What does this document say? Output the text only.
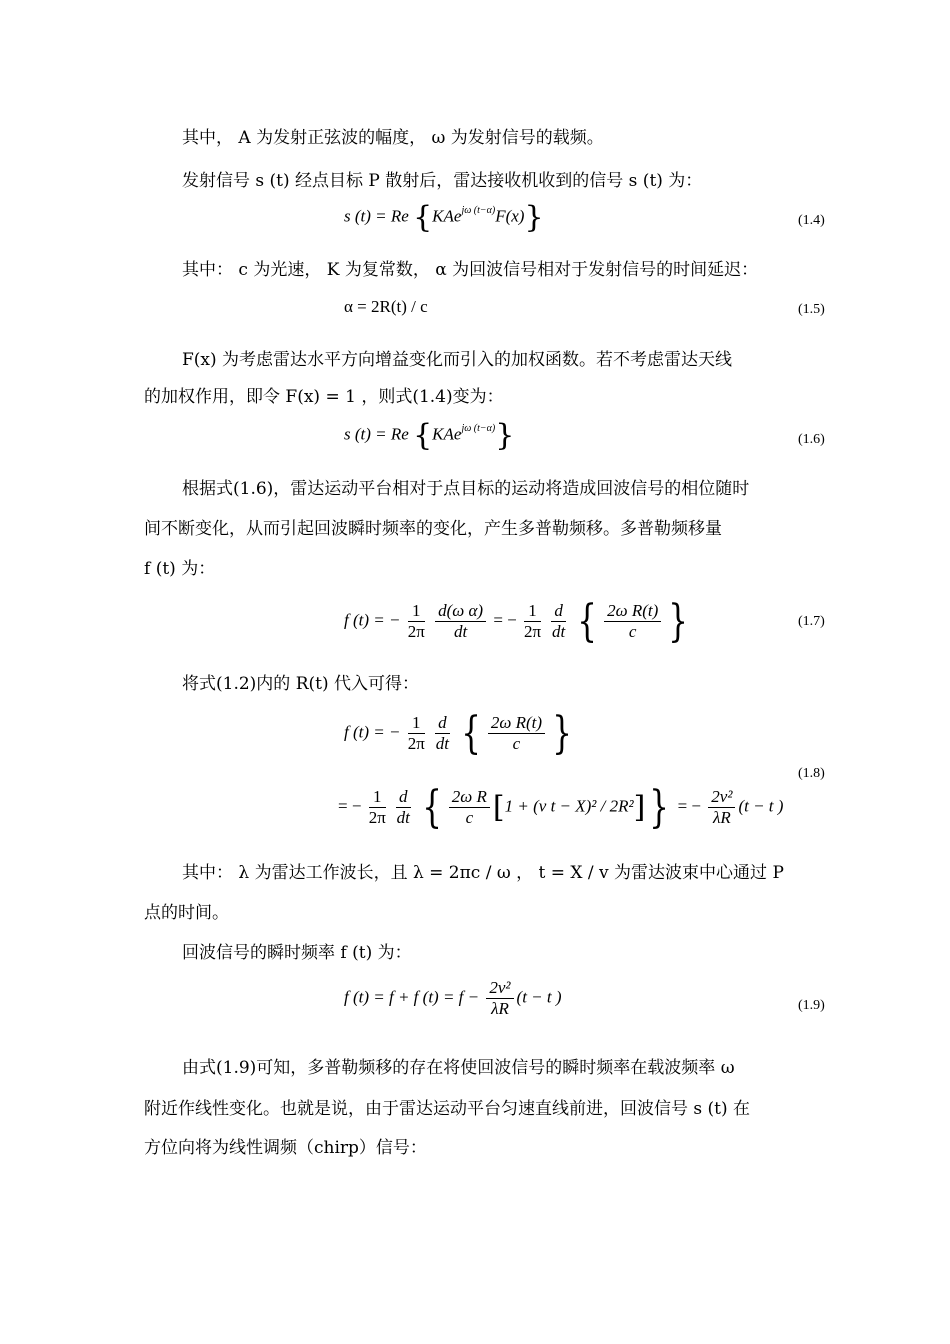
其中， A 为发射正弦波的幅度， ω 为发射信号的载频。
发射信号 s (t) 经点目标 P 散射后，雷达接收机收到的信号 s (t) 为：
s (t) = Re {KAe$^{j\omega (t-\alpha)}$F(x)}	(1.4)
其中： c 为光速， K 为复常数， α 为回波信号相对于发射信号的时间延迟：
α = 2R(t) / c	(1.5)
F(x) 为考虑雷达水平方向增益变化而引入的加权函数。若不考虑雷达天线
的加权作用，即令 F(x) = 1 ，则式(1.4)变为：
s (t) = Re {KAe$^{j\omega (t-\alpha)}$}	(1.6)
根据式(1.6)，雷达运动平台相对于点目标的运动将造成回波信号的相位随时
间不断变化，从而引起回波瞬时频率的变化，产生多普勒频移。多普勒频移量
f (t) 为：
f (t) = − $\frac{1}{2\pi}$
$\frac{\text{d(ω α)}}{dt}$ = − $\frac{1}{2\pi}$
$\frac{d}{dt}$ { $\frac{\text{2ω R(t)}}{c}$ }	(1.7)
将式(1.2)内的 R(t) 代入可得：
f (t) = − $\frac{1}{2\pi}$
$\frac{d}{dt}$ { $\frac{\text{2ω R(t)}}{c}$ }
(1.8)
= − $\frac{1}{2\pi}$
$\frac{d}{dt}$ { $\frac{\text{2ω R}}{c} [1 + (v$ t − X)² / 2R²]} = − $\frac{\text{2v²}}{\lambda R} (t - t$ )
其中： λ 为雷达工作波长，且 λ = 2πc / ω ， t = X / v 为雷达波束中心通过 P
点的时间。
回波信号的瞬时频率 f (t) 为：
f (t) = f + f $(t) = f - \frac{\text{2v²}}{\lambda R} (t - t$ )	(1.9)
由式(1.9)可知，多普勒频移的存在将使回波信号的瞬时频率在载波频率 ω
附近作线性变化。也就是说，由于雷达运动平台匀速直线前进，回波信号 s (t) 在
方位向将为线性调频（chirp）信号：
